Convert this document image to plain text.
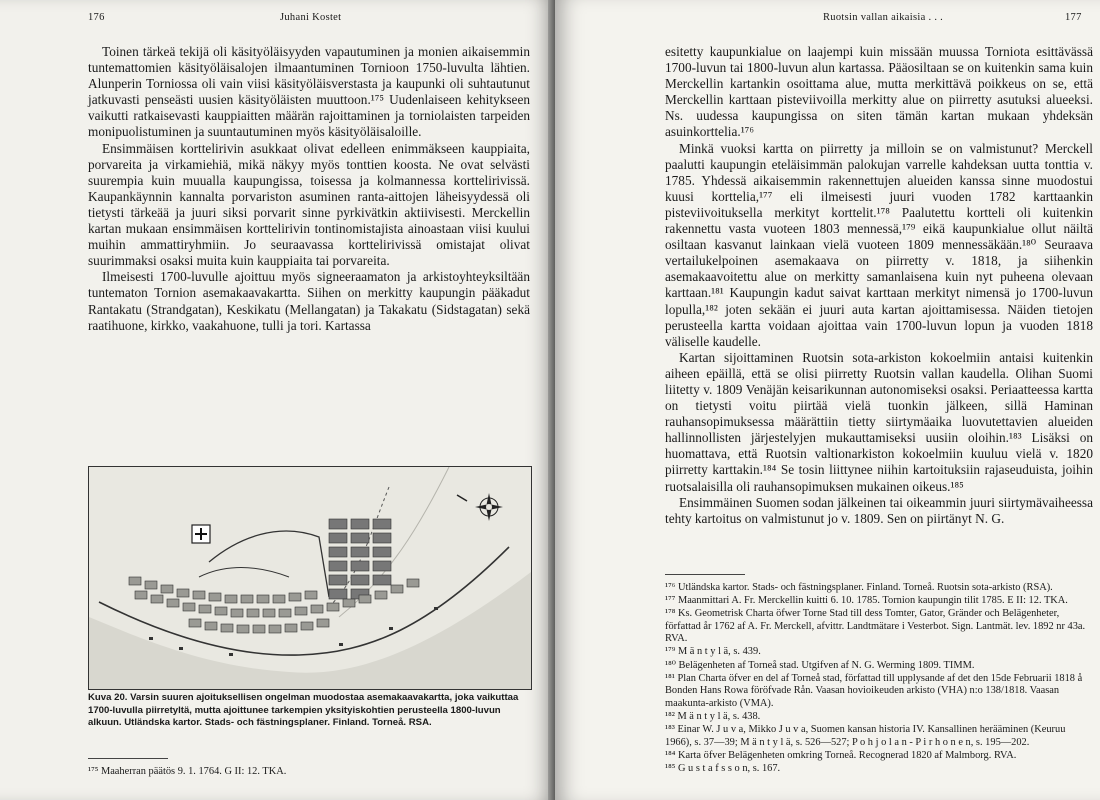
176	Juhani Kostet

Toinen tärkeä tekijä oli käsityöläisyyden vapautuminen ja monien aikaisemmin tuntemattomien käsityöläisalojen ilmaantuminen Tornioon 1750-luvulta lähtien. Alunperin Torniossa oli vain viisi käsityöläisverstasta ja kaupunki oli suhtautunut jatkuvasti penseästi uusien käsityöläisten muuttoon.¹⁷⁵ Uudenlaiseen kehitykseen vaikutti ratkaisevasti kauppiaitten määrän rajoittaminen ja torniolaisten tarpeiden monipuolistuminen ja suuntautuminen myös käsityöläisaloille.

Ensimmäisen korttelirivin asukkaat olivat edelleen enimmäkseen kauppiaita, porvareita ja virkamiehiä, mikä näkyy myös tonttien koosta. Ne ovat selvästi suurempia kuin muualla kaupungissa, toisessa ja kolmannessa korttelirivissä. Kaupankäynnin kannalta porvariston asuminen ranta-aittojen läheisyydessä oli tietysti tärkeää ja juuri siksi porvarit sinne pyrkivätkin aktiivisesti. Merckellin kartan mukaan ensimmäisen korttelirivin tontinomistajista ainoastaan viisi kuului muihin ammattiryhmiin. Jo seuraavassa korttelirivissä omistajat olivat suurimmaksi osaksi muita kuin kauppiaita tai porvareita.

Ilmeisesti 1700-luvulle ajoittuu myös signeeraamaton ja arkistoyhteyksiltään tuntematon Tornion asemakaavakartta. Siihen on merkitty kaupungin pääkadut Rantakatu (Strandgatan), Keskikatu (Mellangatan) ja Takakatu (Sidstagatan) sekä raatihuone, kirkko, vaakahuone, tulli ja tori. Kartassa

Kuva 20. Varsin suuren ajoituksellisen ongelman muodostaa asemakaavakartta, joka vaikuttaa 1700-luvulla piirretyltä, mutta ajoittunee tarkempien yksityiskohtien perusteella 1800-luvun alkuun. Utländska kartor. Stads- och fästningsplaner. Finland. Torneå. RSA.

¹⁷⁵ Maaherran päätös 9. 1. 1764. G II: 12. TKA.

Ruotsin vallan aikaisia . . .	177

esitetty kaupunkialue on laajempi kuin missään muussa Torniota esittävässä 1700-luvun tai 1800-luvun alun kartassa. Pääosiltaan se on kuitenkin sama kuin Merckellin kartankin osoittama alue, mutta merkittävä poikkeus on se, että Merckellin karttaan pisteviivoilla merkitty alue on piirretty asutuksi alueeksi. Ns. uudessa kaupungissa on siten tämän kartan mukaan yhdeksän asuinkorttelia.¹⁷⁶

Minkä vuoksi kartta on piirretty ja milloin se on valmistunut? Merckell paalutti kaupungin eteläisimmän palokujan varrelle kahdeksan uutta tonttia v. 1785. Yhdessä aikaisemmin rakennettujen alueiden kanssa sinne muodostui kuusi korttelia,¹⁷⁷ eli ilmeisesti juuri vuoden 1782 karttaankin pisteviivoituksella merkityt korttelit.¹⁷⁸ Paalutettu kortteli oli kuitenkin rakennettu vasta vuoteen 1803 mennessä,¹⁷⁹ eikä kaupunkialue ollut näiltä osiltaan kasvanut lainkaan vielä vuoteen 1809 mennessäkään.¹⁸⁰ Seuraava vertailukelpoinen asemakaava on piirretty v. 1818, ja siihenkin asemakaavoitettu alue on merkitty samanlaisena kuin nyt puheena olevaan karttaan.¹⁸¹ Kaupungin kadut saivat karttaan merkityt nimensä jo 1700-luvun lopulla,¹⁸² joten sekään ei juuri auta kartan ajoittamisessa. Näiden tietojen perusteella kartta voidaan ajoittaa vain 1700-luvun lopun ja vuoden 1818 väliselle kaudelle.

Kartan sijoittaminen Ruotsin sota-arkiston kokoelmiin antaisi kuitenkin aiheen epäillä, että se olisi piirretty Ruotsin vallan kaudella. Olihan Suomi liitetty v. 1809 Venäjän keisarikunnan autonomiseksi osaksi. Periaatteessa kartta on tietysti voitu piirtää vielä tuonkin jälkeen, sillä Haminan rauhansopimuksessa määrättiin tietty siirtymäaika luovutettavien alueiden hallinnollisten järjestelyjen mukauttamiseksi uusiin oloihin.¹⁸³ Lisäksi on huomattava, että Ruotsin valtionarkiston kokoelmiin kuuluu vielä v. 1820 piirretty karttakin.¹⁸⁴ Se tosin liittynee niihin kartoituksiin rajaseuduista, joihin ruotsalaisilla oli rauhansopimuksen mukainen oikeus.¹⁸⁵

Ensimmäinen Suomen sodan jälkeinen tai oikeammin juuri siirtymävaiheessa tehty kartoitus on valmistunut jo v. 1809. Sen on piirtänyt N. G.

¹⁷⁶ Utländska kartor. Stads- och fästningsplaner. Finland. Torneå. Ruotsin sota-arkisto (RSA).

¹⁷⁷ Maanmittari A. Fr. Merckellin kuitti 6. 10. 1785. Tornion kaupungin tilit 1785. E II: 12. TKA.

¹⁷⁸ Ks. Geometrisk Charta öfwer Torne Stad till dess Tomter, Gator, Gränder och Belägenheter, författad år 1762 af A. Fr. Merckell, afvittr. Landtmätare i Vesterbot. Sign. Lantmät. lev. 1892 nr 43a. RVA.

¹⁷⁹ M ä n t y l ä, s. 439.

¹⁸⁰ Belägenheten af Torneå stad. Utgifven af N. G. Werming 1809. TIMM.

¹⁸¹ Plan Charta öfver en del af Torneå stad, författad till upplysande af det den 15de Februarii 1818 å Bonden Hans Rowa föröfvade Rån. Vaasan hovioikeuden arkisto (VHA) n:o 138/1818. Vaasan maakunta-arkisto (VMA).

¹⁸² M ä n t y l ä, s. 438.

¹⁸³ Einar W. J u v a, Mikko J u v a, Suomen kansan historia IV. Kansallinen herääminen (Keuruu 1966), s. 37—39; M ä n t y l ä, s. 526—527; P o h j o l a n - P i r h o n e n, s. 195—202.

¹⁸⁴ Karta öfver Belägenheten omkring Torneå. Recognerad 1820 af Malmborg. RVA.

¹⁸⁵ G u s t a f s s o n, s. 167.
